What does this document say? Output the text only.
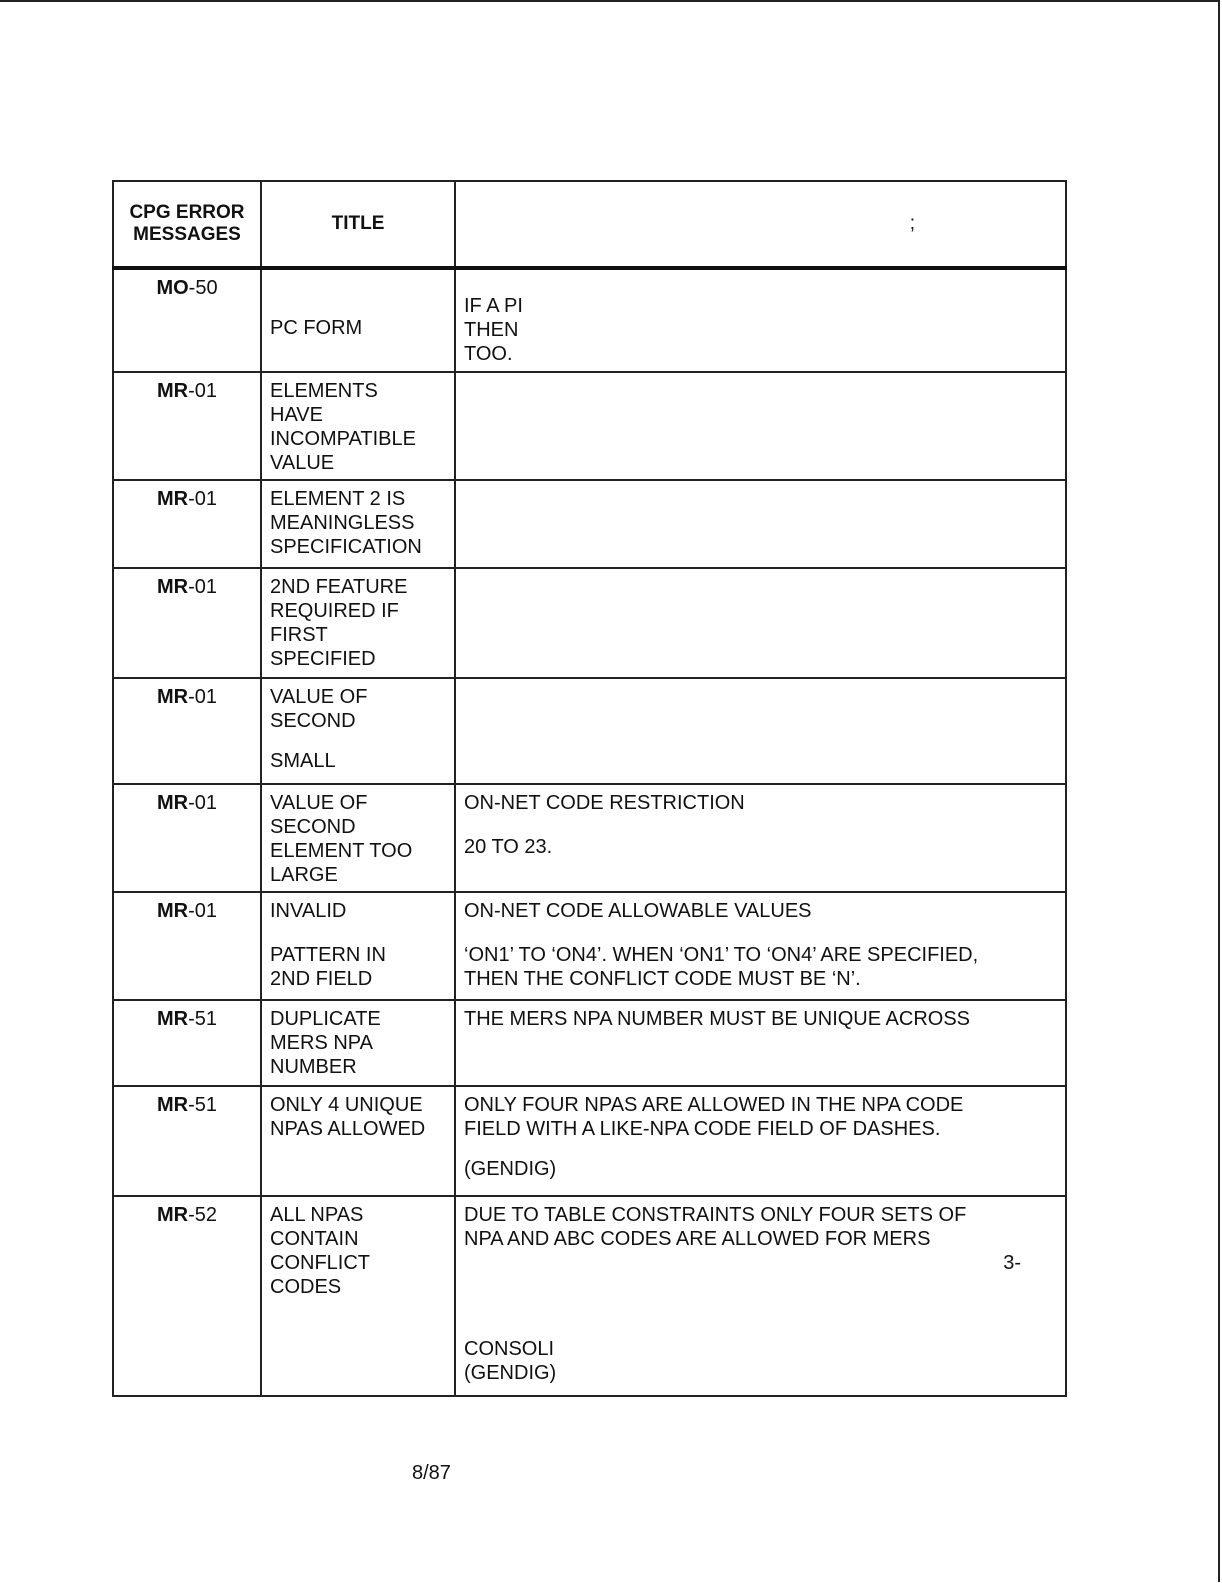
CPG ERROR
MESSAGES	TITLE	;
MO-50	PC FORM	IF A PI
THEN
TOO.

MR-01	ELEMENTS
HAVE
INCOMPATIBLE
VALUE	

MR-01	ELEMENT 2 IS
MEANINGLESS
SPECIFICATION	

MR-01	2ND FEATURE
REQUIRED IF
FIRST
SPECIFIED	

MR-01	VALUE OF
SECOND
SMALL	

MR-01	VALUE OF
SECOND
ELEMENT TOO
LARGE	ON-NET CODE RESTRICTION
20 TO 23.

MR-01	INVALID
PATTERN IN
2ND FIELD	ON-NET CODE ALLOWABLE VALUES
‘ON1’ TO ‘ON4’. WHEN ‘ON1’ TO ‘ON4’ ARE SPECIFIED,
THEN THE CONFLICT CODE MUST BE ‘N’.

MR-51	DUPLICATE
MERS NPA
NUMBER	THE MERS NPA NUMBER MUST BE UNIQUE ACROSS

MR-51	ONLY 4 UNIQUE
NPAS ALLOWED	ONLY FOUR NPAS ARE ALLOWED IN THE NPA CODE
FIELD WITH A LIKE-NPA CODE FIELD OF DASHES.
(GENDIG)

MR-52	ALL NPAS
CONTAIN
CONFLICT
CODES	DUE TO TABLE CONSTRAINTS ONLY FOUR SETS OF
NPA AND ABC CODES ARE ALLOWED FOR MERS
3-

CONSOLI
(GENDIG)
8/87
